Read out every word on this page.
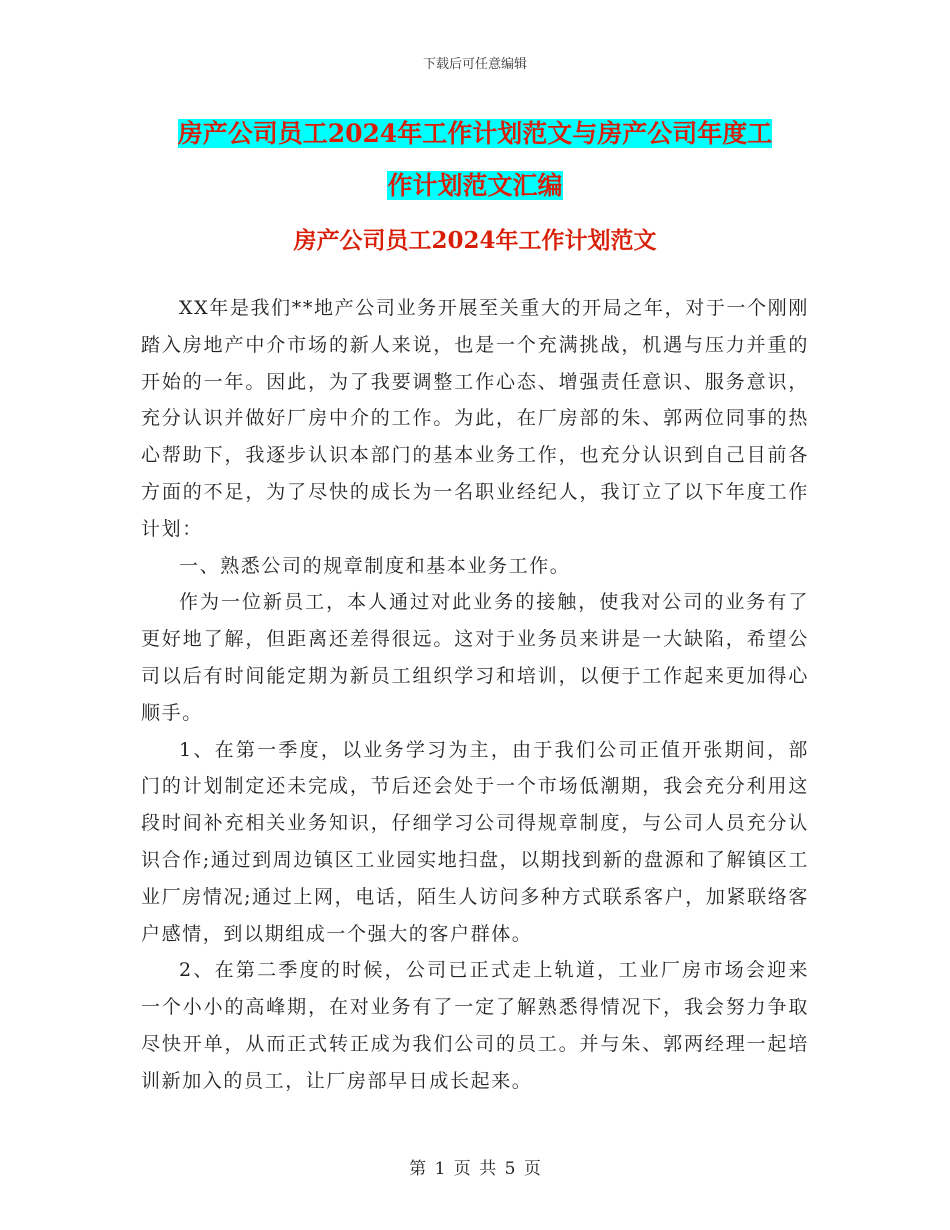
下载后可任意编辑
房产公司员工2024年工作计划范文与房产公司年度工
作计划范文汇编
房产公司员工2024年工作计划范文

XX年是我们**地产公司业务开展至关重大的开局之年，对于一个刚刚踏入房地产中介市场的新人来说，也是一个充满挑战，机遇与压力并重的开始的一年。因此，为了我要调整工作心态、增强责任意识、服务意识，充分认识并做好厂房中介的工作。为此，在厂房部的朱、郭两位同事的热心帮助下，我逐步认识本部门的基本业务工作，也充分认识到自己目前各方面的不足，为了尽快的成长为一名职业经纪人，我订立了以下年度工作计划：

一、熟悉公司的规章制度和基本业务工作。

作为一位新员工，本人通过对此业务的接触，使我对公司的业务有了更好地了解，但距离还差得很远。这对于业务员来讲是一大缺陷，希望公司以后有时间能定期为新员工组织学习和培训，以便于工作起来更加得心顺手。

1、在第一季度，以业务学习为主，由于我们公司正值开张期间，部门的计划制定还未完成，节后还会处于一个市场低潮期，我会充分利用这段时间补充相关业务知识，仔细学习公司得规章制度，与公司人员充分认识合作;通过到周边镇区工业园实地扫盘，以期找到新的盘源和了解镇区工业厂房情况;通过上网，电话，陌生人访问多种方式联系客户，加紧联络客户感情，到以期组成一个强大的客户群体。

2、在第二季度的时候，公司已正式走上轨道，工业厂房市场会迎来一个小小的高峰期，在对业务有了一定了解熟悉得情况下，我会努力争取尽快开单，从而正式转正成为我们公司的员工。并与朱、郭两经理一起培训新加入的员工，让厂房部早日成长起来。

第 1 页 共 5 页
